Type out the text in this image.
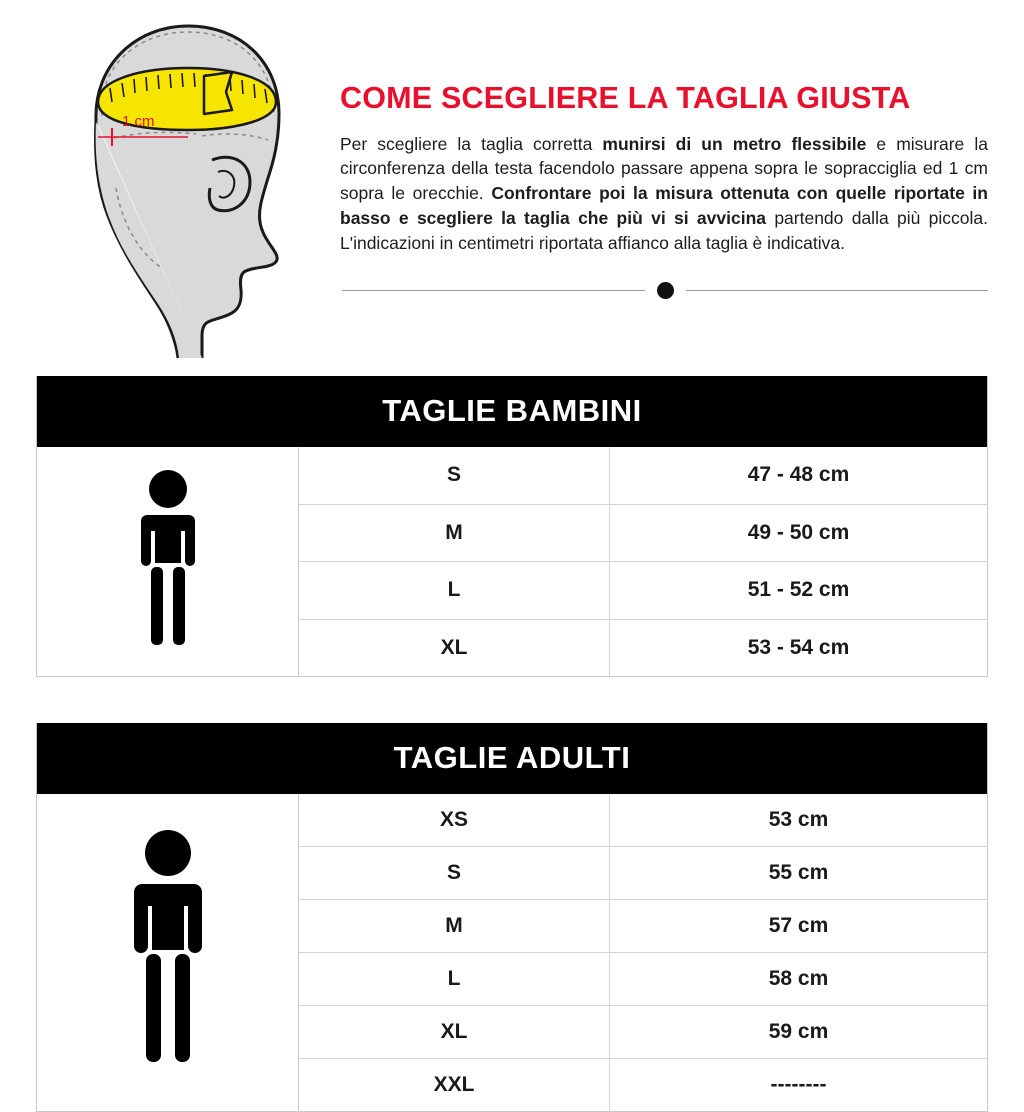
1 cm
COME SCEGLIERE LA TAGLIA GIUSTA

Per scegliere la taglia corretta munirsi di un metro flessibile e misurare la circonferenza della testa facendolo passare appena sopra le sopracciglia ed 1 cm sopra le orecchie. Confrontare poi la misura ottenuta con quelle riportate in basso e scegliere la taglia che più vi si avvicina partendo dalla più piccola. L'indicazioni in centimetri riportata affianco alla taglia è indicativa.

TAGLIE BAMBINI
S	47 - 48 cm
M	49 - 50 cm
L	51 - 52 cm
XL	53 - 54 cm
TAGLIE ADULTI
XS	53 cm
S	55 cm
M	57 cm
L	58 cm
XL	59 cm
XXL	--------
